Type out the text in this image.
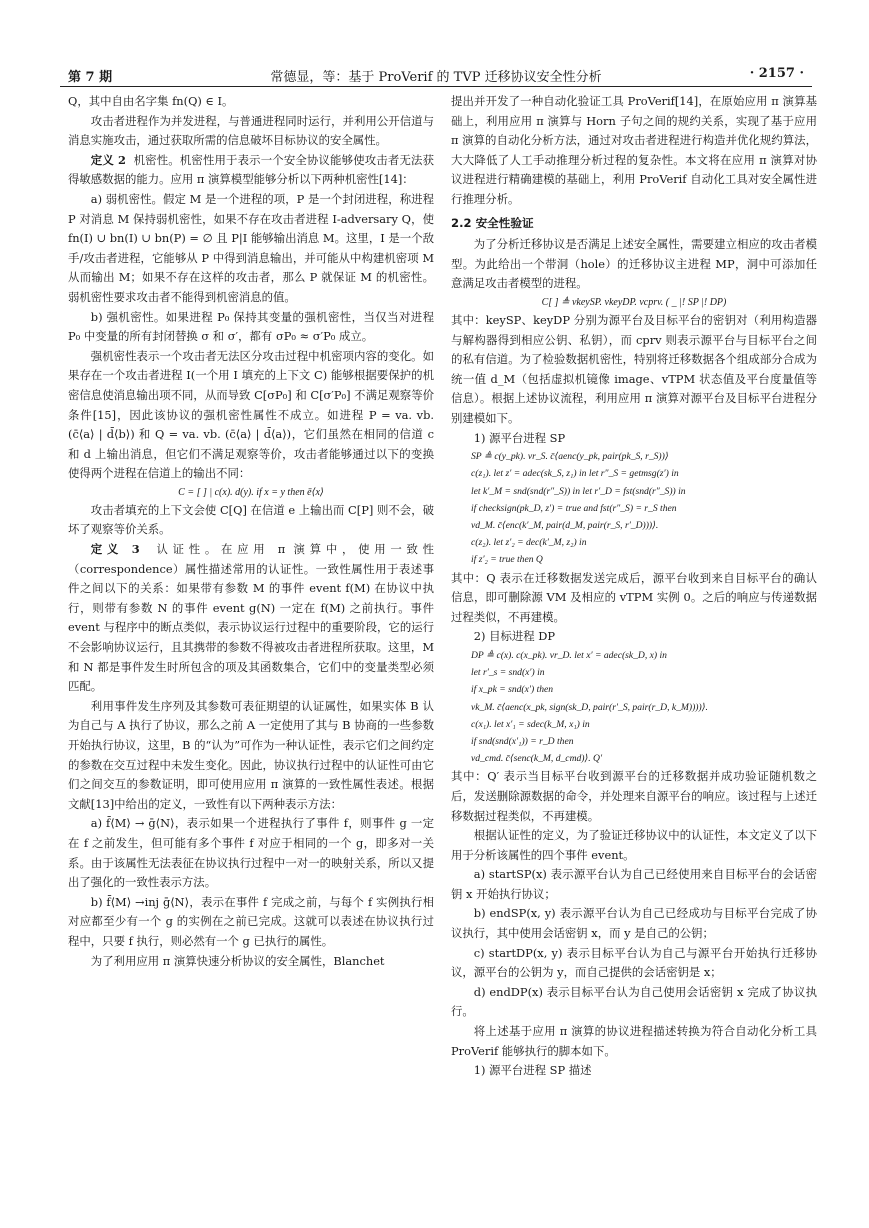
第 7 期	常德显，等：基于 ProVerif 的 TVP 迁移协议安全性分析	· 2157 ·

Q，其中自由名字集 fn(Q) ∈ I。

攻击者进程作为并发进程，与普通进程同时运行，并利用公开信道与消息实施攻击，通过获取所需的信息破坏目标协议的安全属性。

定义 2 机密性。机密性用于表示一个安全协议能够使攻击者无法获得敏感数据的能力。应用 π 演算模型能够分析以下两种机密性[14]：

a) 弱机密性。假定 M 是一个进程的项，P 是一个封闭进程，称进程 P 对消息 M 保持弱机密性，如果不存在攻击者进程 I-adversary Q，使 fn(I) ∪ bn(I) ∪ bn(P) = ∅ 且 P|I 能够输出消息 M。这里，I 是一个敌手/攻击者进程，它能够从 P 中得到消息输出，并可能从中构建机密项 M 从而输出 M；如果不存在这样的攻击者，那么 P 就保证 M 的机密性。弱机密性要求攻击者不能得到机密消息的值。

b) 强机密性。如果进程 P₀ 保持其变量的强机密性，当仅当对进程 P₀ 中变量的所有封闭替换 σ 和 σ′，都有 σP₀ ≈ σ′P₀ 成立。

强机密性表示一个攻击者无法区分攻击过程中机密项内容的变化。如果存在一个攻击者进程 I(一个用 I 填充的上下文 C) 能够根据要保护的机密信息使消息输出项不同，从而导致 C[σP₀] 和 C[σ′P₀] 不满足观察等价条件[15]，因此该协议的强机密性属性不成立。如进程 P = va. vb. (c̄⟨a⟩ | d̄⟨b⟩) 和 Q = va. vb. (c̄⟨a⟩ | d̄⟨a⟩)，它们虽然在相同的信道 c 和 d 上输出消息，但它们不满足观察等价，攻击者能够通过以下的变换使得两个进程在信道上的输出不同：

C = [ ] | c(x). d(y). if x = y then ē⟨x⟩

攻击者填充的上下文会使 C[Q] 在信道 e 上输出而 C[P] 则不会，破坏了观察等价关系。

定义 3 认证性。在应用 π 演算中，使用一致性（correspondence）属性描述常用的认证性。一致性属性用于表述事件之间以下的关系：如果带有参数 M 的事件 event f(M) 在协议中执行，则带有参数 N 的事件 event g(N) 一定在 f(M) 之前执行。事件 event 与程序中的断点类似，表示协议运行过程中的重要阶段，它的运行不会影响协议运行，且其携带的参数不得被攻击者进程所获取。这里，M 和 N 都是事件发生时所包含的项及其函数集合，它们中的变量类型必须匹配。

利用事件发生序列及其参数可表征期望的认证属性，如果实体 B 认为自己与 A 执行了协议，那么之前 A 一定使用了其与 B 协商的一些参数开始执行协议，这里，B 的“认为”可作为一种认证性，表示它们之间约定的参数在交互过程中未发生变化。因此，协议执行过程中的认证性可由它们之间交互的参数证明，即可使用应用 π 演算的一致性属性表述。根据文献[13]中给出的定义，一致性有以下两种表示方法：

a) f̄⟨M⟩ → ḡ⟨N⟩，表示如果一个进程执行了事件 f，则事件 g 一定在 f 之前发生，但可能有多个事件 f 对应于相同的一个 g，即多对一关系。由于该属性无法表征在协议执行过程中一对一的映射关系，所以又提出了强化的一致性表示方法。

b) f̄⟨M⟩ →inj ḡ⟨N⟩，表示在事件 f 完成之前，与每个 f 实例执行相对应都至少有一个 g 的实例在之前已完成。这就可以表述在协议执行过程中，只要 f 执行，则必然有一个 g 已执行的属性。

为了利用应用 π 演算快速分析协议的安全属性，Blanchet

提出并开发了一种自动化验证工具 ProVerif[14]，在原始应用 π 演算基础上，利用应用 π 演算与 Horn 子句之间的规约关系，实现了基于应用 π 演算的自动化分析方法，通过对攻击者进程进行构造并优化规约算法，大大降低了人工手动推理分析过程的复杂性。本文将在应用 π 演算对协议进程进行精确建模的基础上，利用 ProVerif 自动化工具对安全属性进行推理分析。

2.2 安全性验证

为了分析迁移协议是否满足上述安全属性，需要建立相应的攻击者模型。为此给出一个带洞（hole）的迁移协议主进程 MP，洞中可添加任意满足攻击者模型的进程。

C[ ] ≜ vkeySP. vkeyDP. vcprv. ( _ |! SP |! DP)

其中：keySP、keyDP 分别为源平台及目标平台的密钥对（利用构造器与解构器得到相应公钥、私钥），而 cprv 则表示源平台与目标平台之间的私有信道。为了检验数据机密性，特别将迁移数据各个组成部分合成为统一值 d_M（包括虚拟机镜像 image、vTPM 状态值及平台度量值等信息）。根据上述协议流程，利用应用 π 演算对源平台及目标平台进程分别建模如下。

1) 源平台进程 SP

SP ≜ c(y_pk). vr_S. c̄⟨aenc(y_pk, pair(pk_S, r_S))⟩
c(z₁). let z′ = adec(sk_S, z₁) in let r″_S = getmsg(z′) in
let k′_M = snd(snd(r″_S)) in let r′_D = fst(snd(r″_S)) in
if checksign(pk_D, z′) = true and fst(r″_S) = r_S then
vd_M. c̄⟨enc(k′_M, pair(d_M, pair(r_S, r′_D)))⟩.
c(z₂). let z′₂ = dec(k′_M, z₂) in
if z′₂ = true then Q

其中：Q 表示在迁移数据发送完成后，源平台收到来自目标平台的确认信息，即可删除源 VM 及相应的 vTPM 实例 0。之后的响应与传递数据过程类似，不再建模。

2) 目标进程 DP

DP ≜ c(x). c(x_pk). vr_D. let x′ = adec(sk_D, x) in
let r′_s = snd(x′) in
if x_pk = snd(x′) then
vk_M. c̄⟨aenc(x_pk, sign(sk_D, pair(r′_S, pair(r_D, k_M))))⟩.
c(x₁). let x′₁ = sdec(k_M, x₁) in
if snd(snd(x′₁)) = r_D then
vd_cmd. c̄⟨senc(k_M, d_cmd)⟩. Q′

其中：Q′ 表示当目标平台收到源平台的迁移数据并成功验证随机数之后，发送删除源数据的命令，并处理来自源平台的响应。该过程与上述迁移数据过程类似，不再建模。

根据认证性的定义，为了验证迁移协议中的认证性，本文定义了以下用于分析该属性的四个事件 event。

a) startSP(x) 表示源平台认为自己已经使用来自目标平台的会话密钥 x 开始执行协议；

b) endSP(x, y) 表示源平台认为自己已经成功与目标平台完成了协议执行，其中使用会话密钥 x，而 y 是自己的公钥；

c) startDP(x, y) 表示目标平台认为自己与源平台开始执行迁移协议，源平台的公钥为 y，而自己提供的会话密钥是 x；

d) endDP(x) 表示目标平台认为自己使用会话密钥 x 完成了协议执行。

将上述基于应用 π 演算的协议进程描述转换为符合自动化分析工具 ProVerif 能够执行的脚本如下。

1) 源平台进程 SP 描述
